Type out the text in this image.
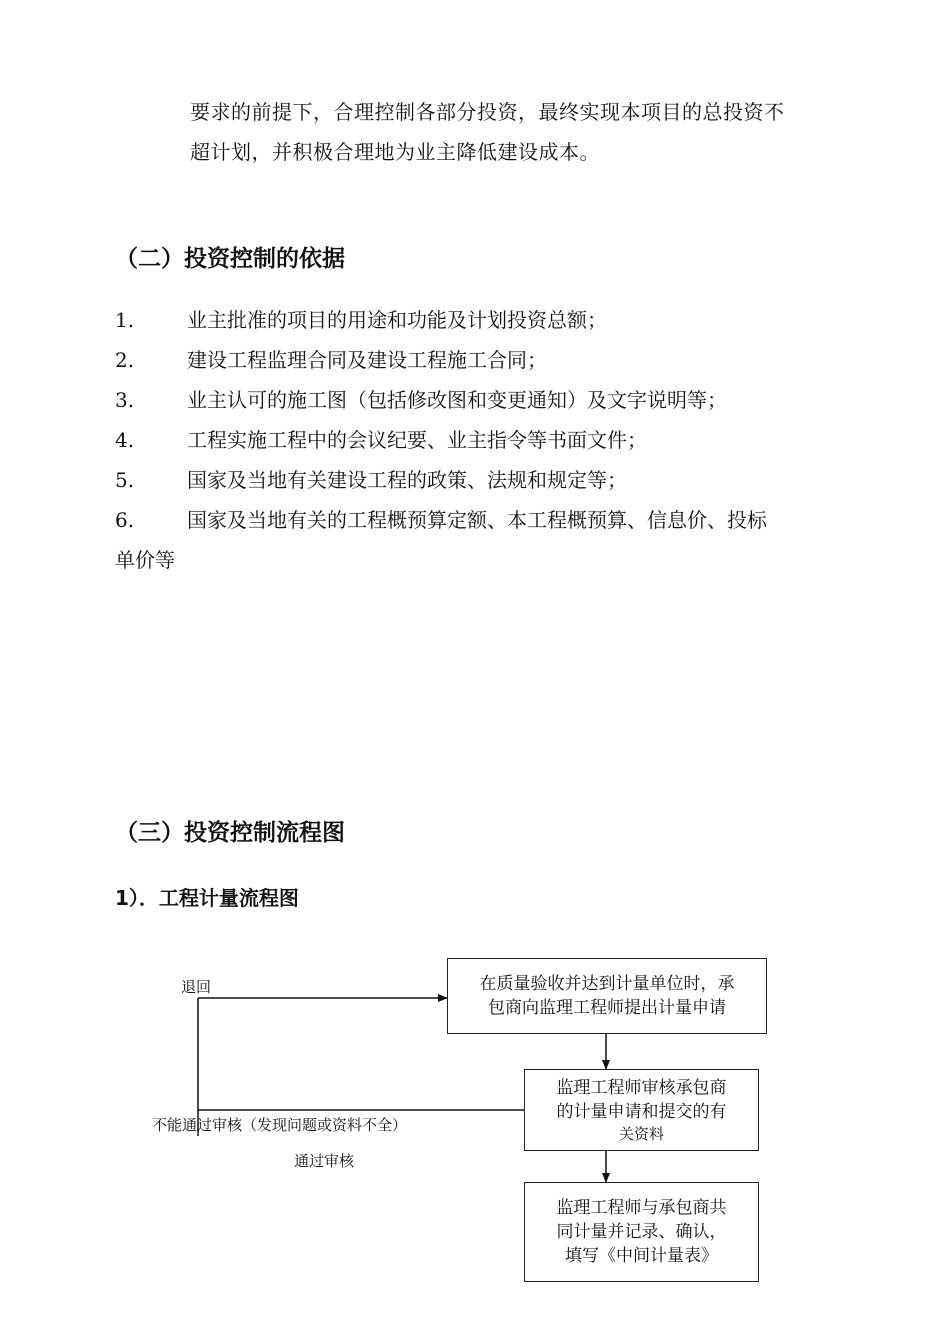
要求的前提下，合理控制各部分投资，最终实现本项目的总投资不
超计划，并积极合理地为业主降低建设成本。
（二）投资控制的依据
1.	业主批准的项目的用途和功能及计划投资总额；
2.	建设工程监理合同及建设工程施工合同；
3.	业主认可的施工图（包括修改图和变更通知）及文字说明等；
4.	工程实施工程中的会议纪要、业主指令等书面文件；
5.	国家及当地有关建设工程的政策、法规和规定等；
6.	国家及当地有关的工程概预算定额、本工程概预算、信息价、投标
单价等
（三）投资控制流程图
1）．工程计量流程图
退回
不能通过审核（发现问题或资料不全）
通过审核
在质量验收并达到计量单位时，承
包商向监理工程师提出计量申请
监理工程师审核承包商
的计量申请和提交的有
关资料
监理工程师与承包商共
同计量并记录、确认，
填写《中间计量表》
